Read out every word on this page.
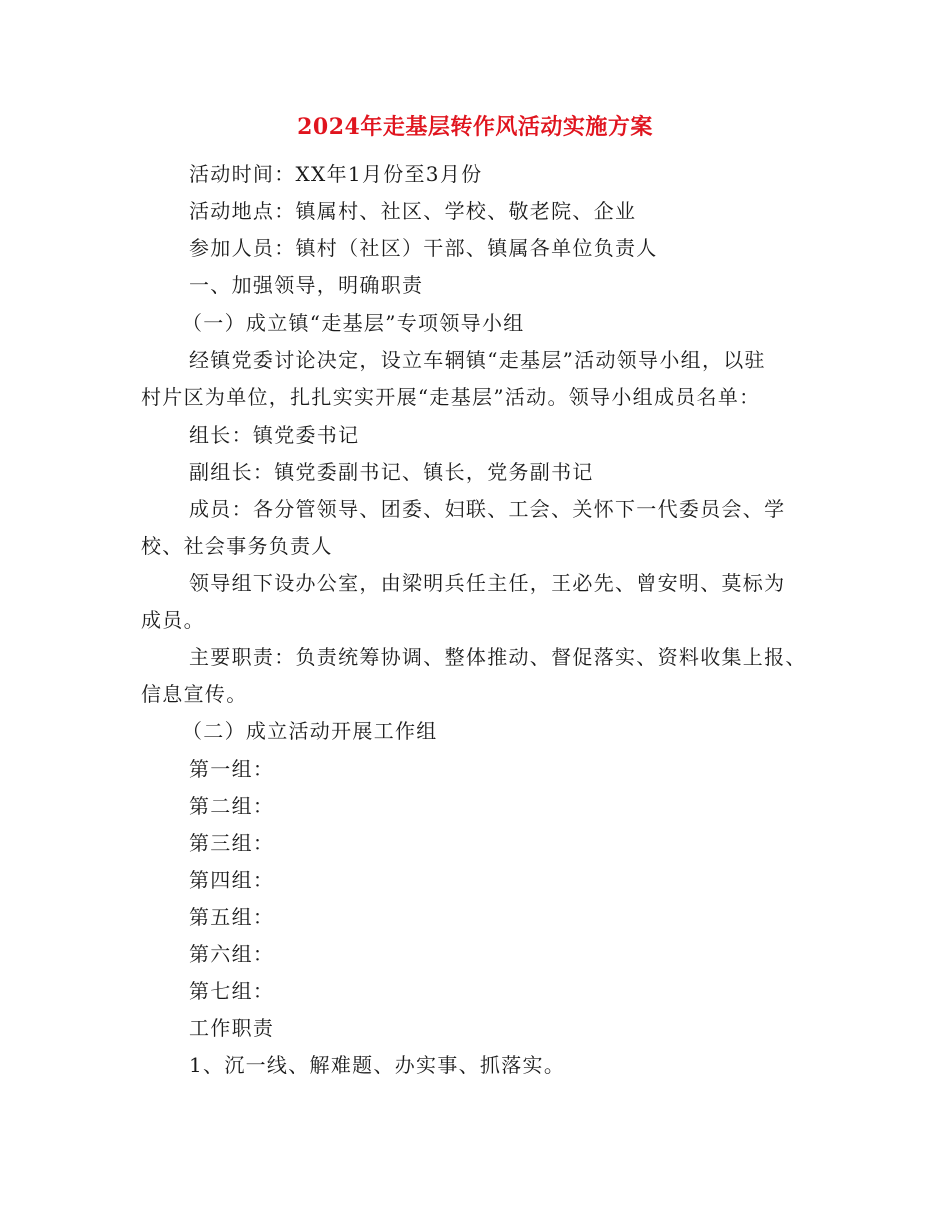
2024年走基层转作风活动实施方案
活动时间：XX年1月份至3月份
活动地点：镇属村、社区、学校、敬老院、企业
参加人员：镇村（社区）干部、镇属各单位负责人
一、加强领导，明确职责
（一）成立镇“走基层”专项领导小组
经镇党委讨论决定，设立车辋镇“走基层”活动领导小组，以驻
村片区为单位，扎扎实实开展“走基层”活动。领导小组成员名单：
组长：镇党委书记
副组长：镇党委副书记、镇长，党务副书记
成员：各分管领导、团委、妇联、工会、关怀下一代委员会、学
校、社会事务负责人
领导组下设办公室，由梁明兵任主任，王必先、曾安明、莫标为
成员。
主要职责：负责统筹协调、整体推动、督促落实、资料收集上报、
信息宣传。
（二）成立活动开展工作组
第一组：
第二组：
第三组：
第四组：
第五组：
第六组：
第七组：
工作职责
1、沉一线、解难题、办实事、抓落实。
